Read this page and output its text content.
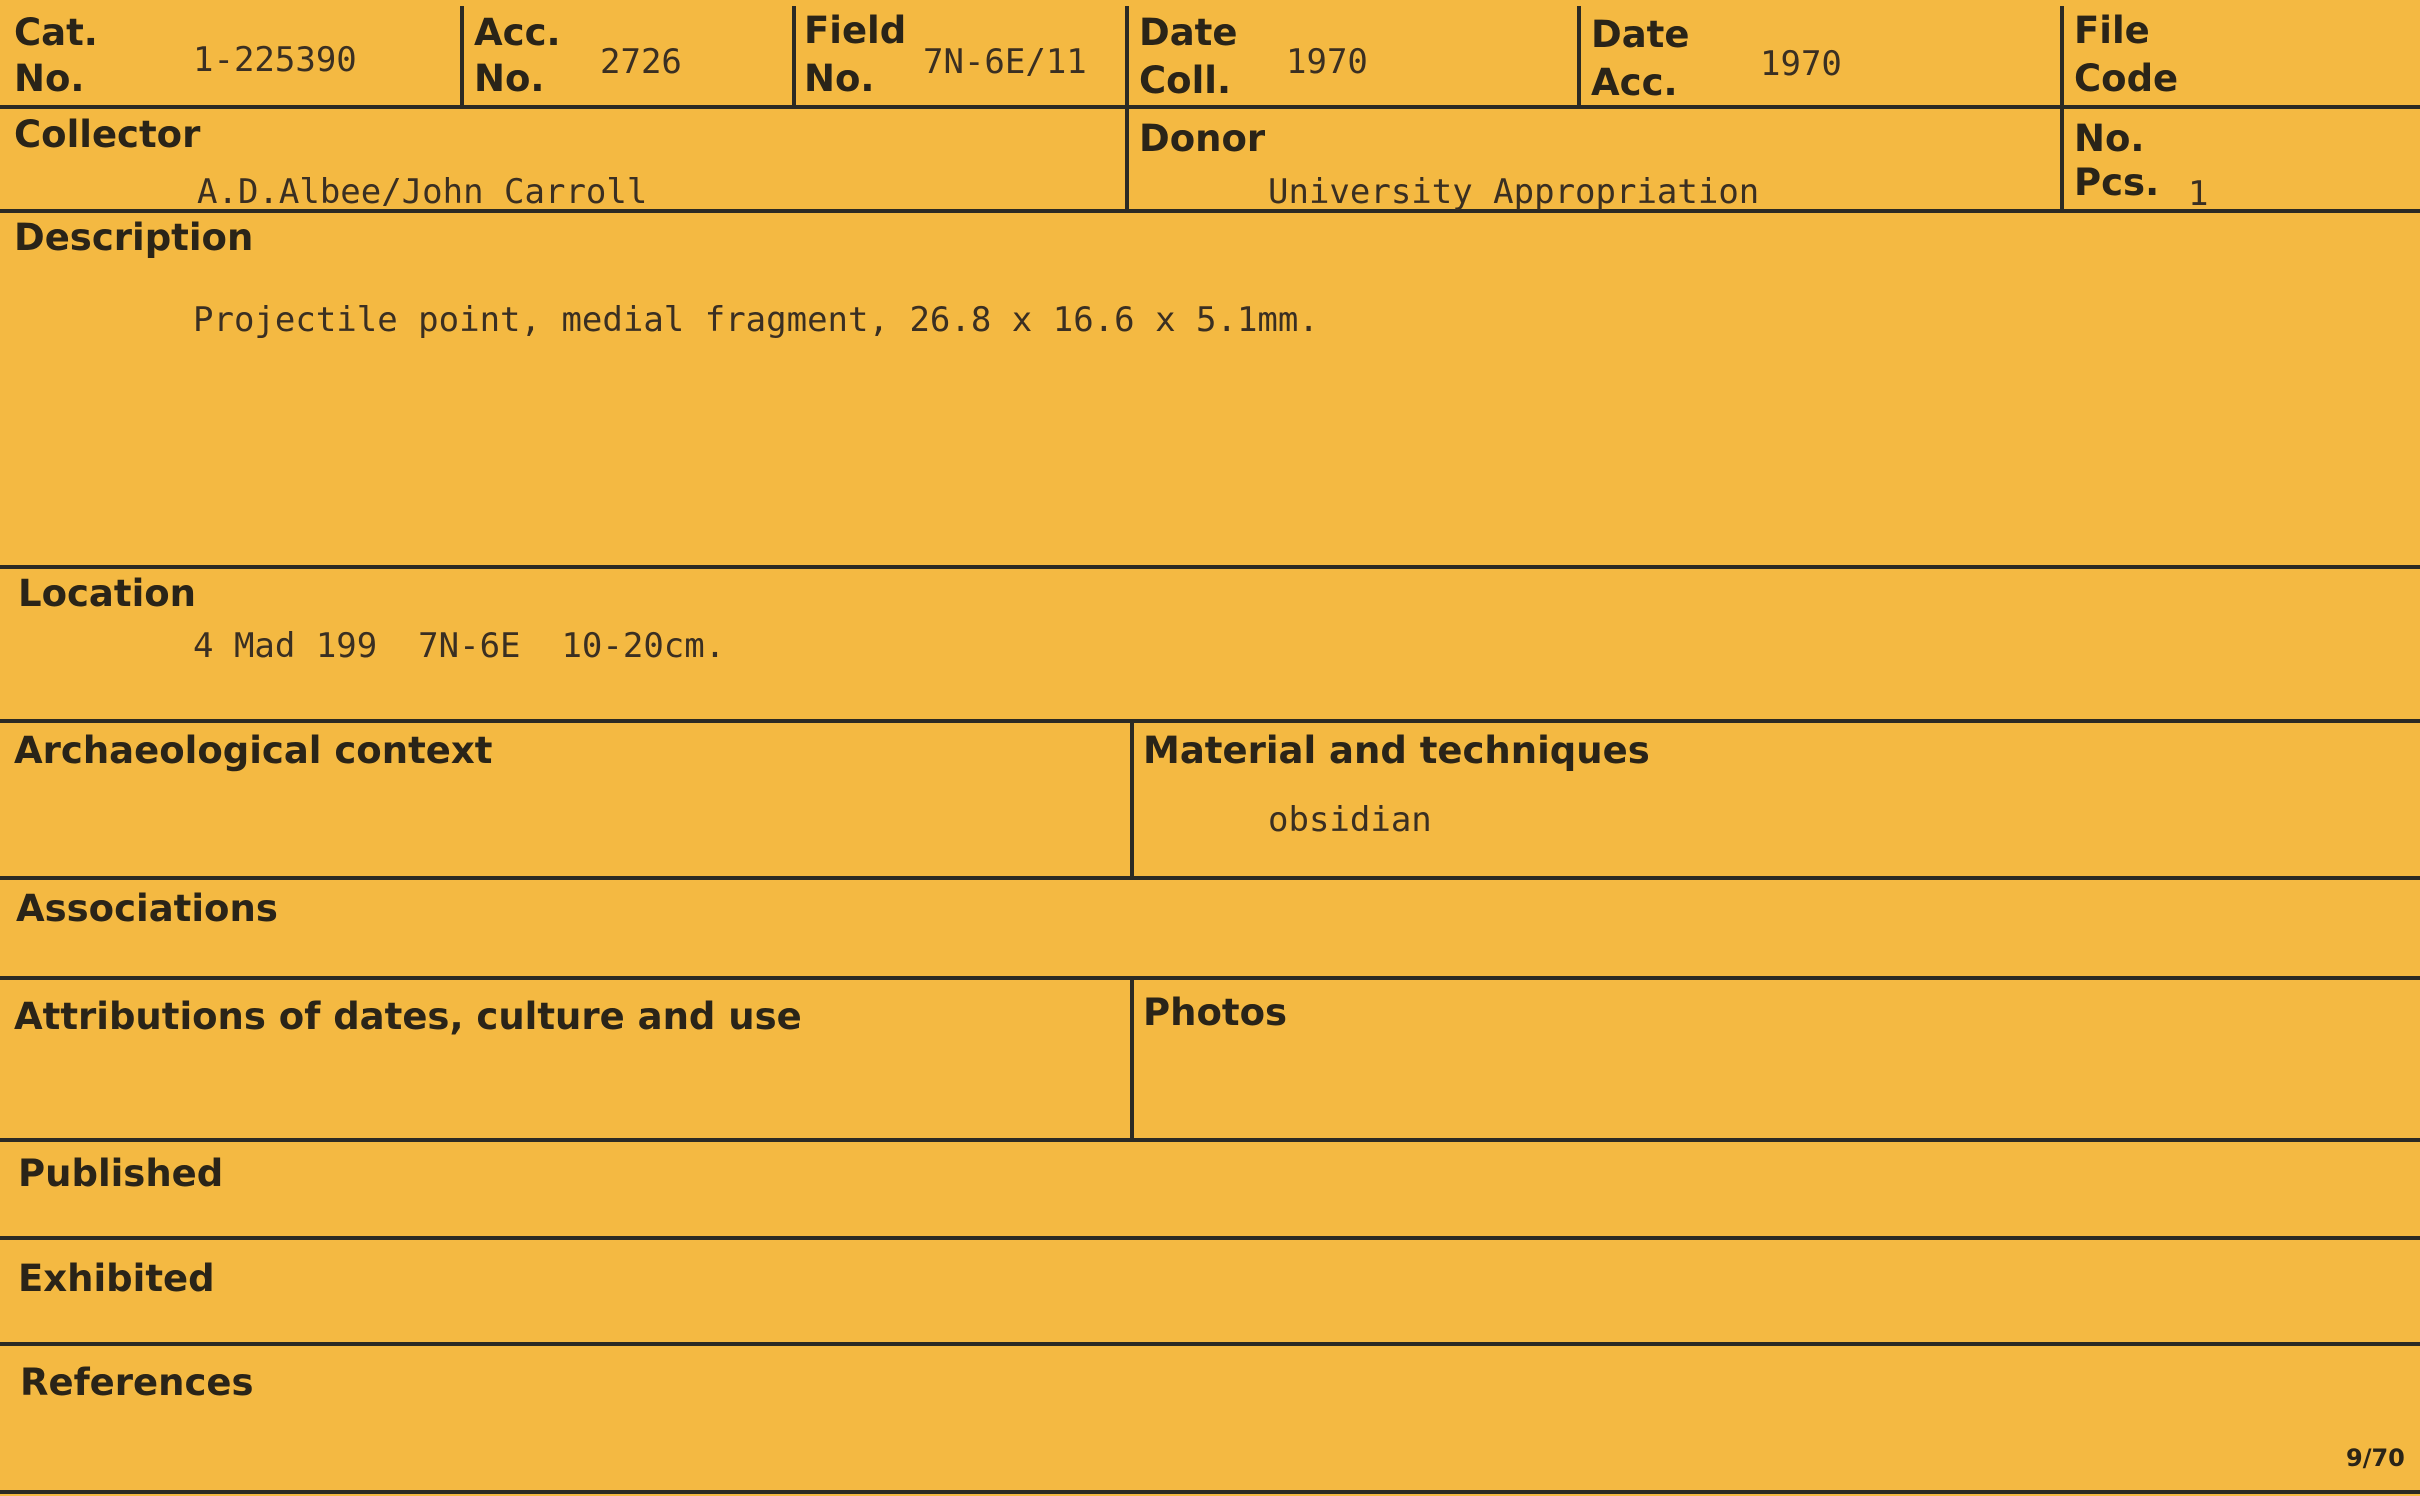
Cat.
No.	1-225390
Acc.
No. 2726
Field
No. 7N-6E/11
Date
Coll. 1970
Date
Acc. 1970
File
Code
Collector
A.D.Albee/John Carroll
Donor
University Appropriation
No.
Pcs. 1
Description
Projectile point, medial fragment, 26.8 x 16.6 x 5.1mm.
Location
4 Mad 199  7N-6E  10-20cm.
Archaeological context	Material and techniques
obsidian
Associations
Attributions of dates, culture and use	Photos
Published
Exhibited
References
9/70
